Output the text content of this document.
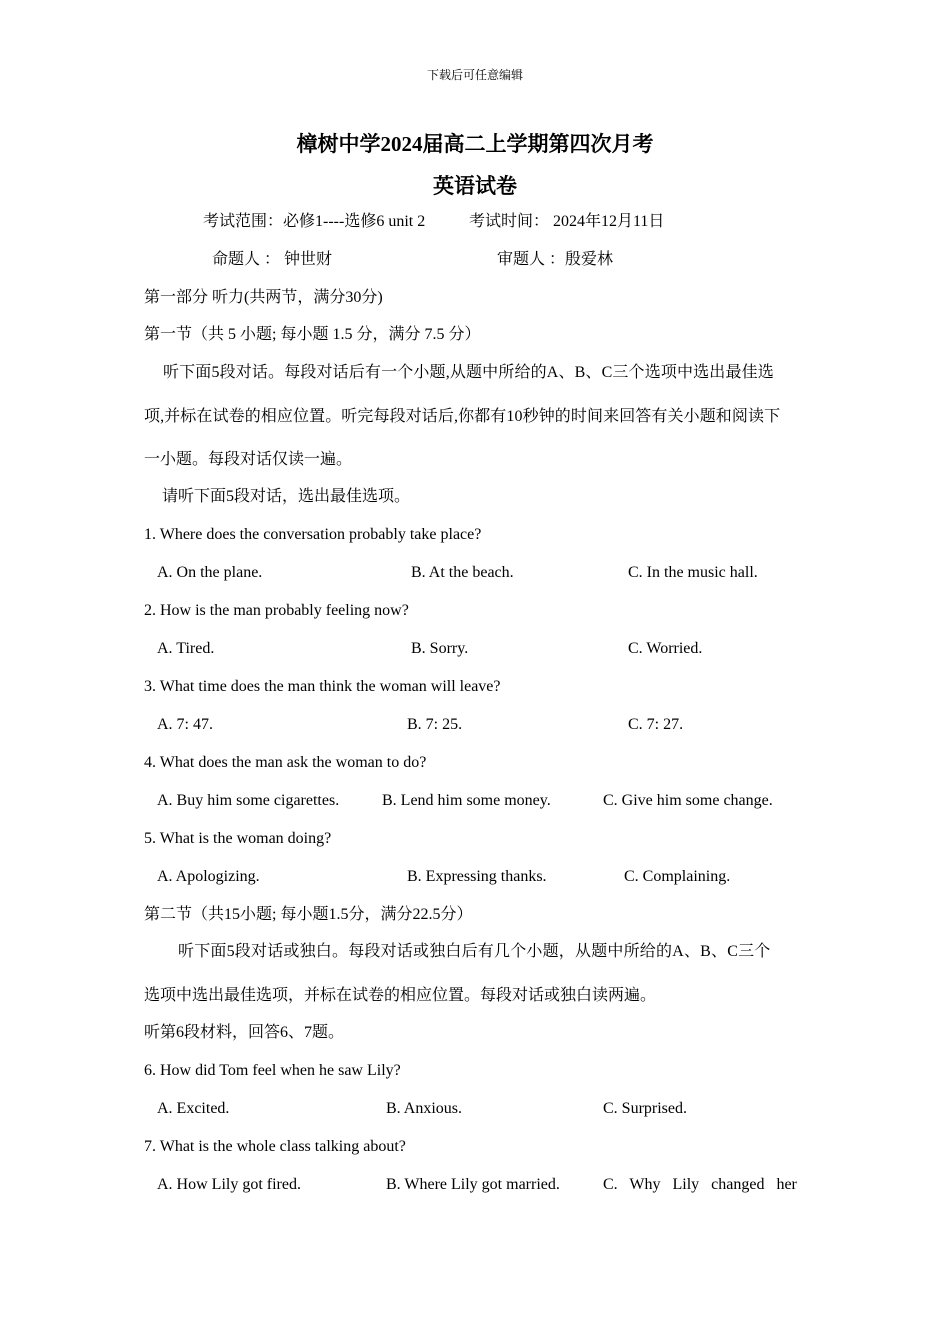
下载后可任意编辑
樟树中学2024届高二上学期第四次月考
英语试卷
考试范围：必修1----选修6 unit 2	考试时间： 2024年12月11日
命题人 ： 钟世财	审题人 ：殷爱林
第一部分 听力(共两节，满分30分)
第一节（共 5 小题; 每小题 1.5 分，满分 7.5 分）
听下面5段对话。每段对话后有一个小题,从题中所给的A、B、C三个选项中选出最佳选
项,并标在试卷的相应位置。听完每段对话后,你都有10秒钟的时间来回答有关小题和阅读下
一小题。每段对话仅读一遍。
请听下面5段对话，选出最佳选项。
1. Where does the conversation probably take place?
A. On the plane.	B. At the beach.	C. In the music hall.
2. How is the man probably feeling now?
A. Tired.	B. Sorry.	C. Worried.
3. What time does the man think the woman will leave?
A. 7: 47.	B. 7: 25.	C. 7: 27.
4. What does the man ask the woman to do?
A. Buy him some cigarettes.	B. Lend him some money.	C. Give him some change.
5. What is the woman doing?
A. Apologizing.	B. Expressing thanks.	C. Complaining.
第二节（共15小题; 每小题1.5分，满分22.5分）
听下面5段对话或独白。每段对话或独白后有几个小题，从题中所给的A、B、C三个
选项中选出最佳选项，并标在试卷的相应位置。每段对话或独白读两遍。
听第6段材料，回答6、7题。
6. How did Tom feel when he saw Lily?
A. Excited.	B. Anxious.	C. Surprised.
7. What is the whole class talking about?
A. How Lily got fired.	B. Where Lily got married.	C.   Why   Lily   changed   her
